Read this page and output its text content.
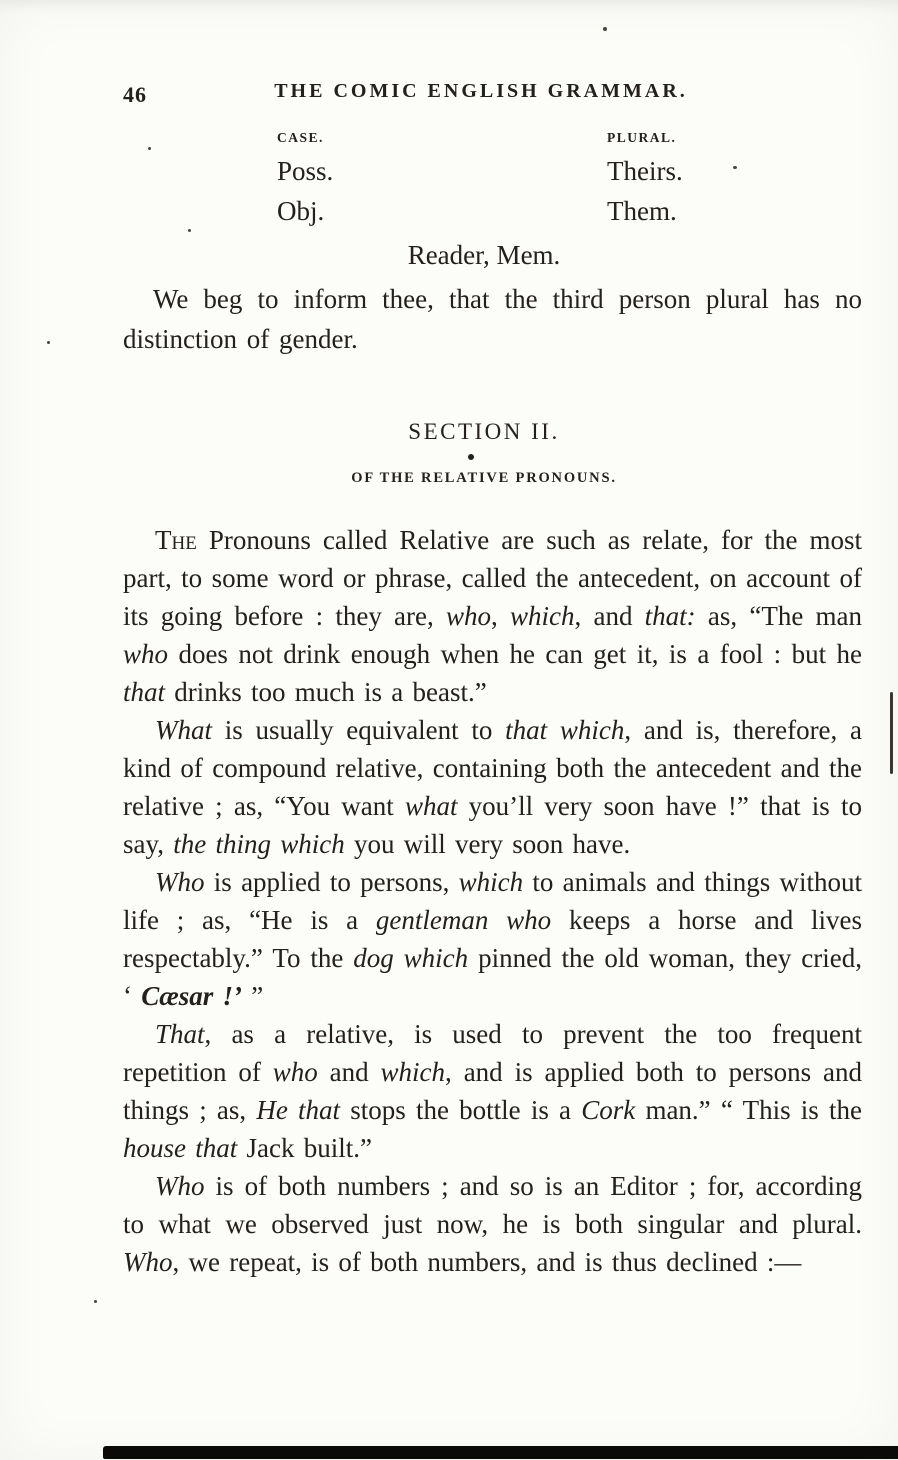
46	THE COMIC ENGLISH GRAMMAR.
CASE.	PLURAL.
Poss.	Theirs.
Obj.	Them.
Reader, Mem.

We beg to inform thee, that the third person plural has no distinction of gender.

SECTION II.
OF THE RELATIVE PRONOUNS.

The Pronouns called Relative are such as relate, for the most part, to some word or phrase, called the antecedent, on account of its going before : they are, who, which, and that: as, “The man who does not drink enough when he can get it, is a fool : but he that drinks too much is a beast.”

What is usually equivalent to that which, and is, therefore, a kind of compound relative, containing both the antecedent and the relative ; as, “You want what you’ll very soon have !” that is to say, the thing which you will very soon have.

Who is applied to persons, which to animals and things without life ; as, “He is a gentleman who keeps a horse and lives respectably.” To the dog which pinned the old woman, they cried, ‘ Cæsar !’ ”

That, as a relative, is used to prevent the too frequent repetition of who and which, and is applied both to persons and things ; as, He that stops the bottle is a Cork man.” “ This is the house that Jack built.”

Who is of both numbers ; and so is an Editor ; for, according to what we observed just now, he is both singular and plural. Who, we repeat, is of both numbers, and is thus declined :—
